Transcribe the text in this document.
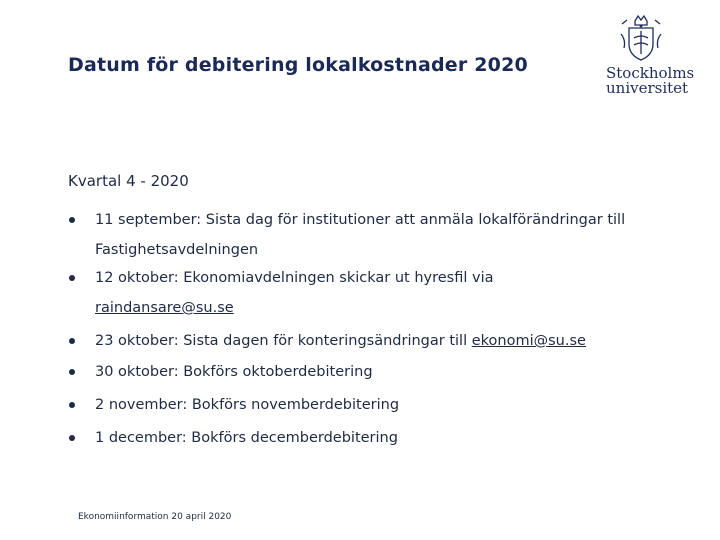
Datum för debitering lokalkostnader 2020	Stockholms
universitet
Kvartal 4 - 2020
11 september: Sista dag för institutioner att anmäla lokalförändringar till Fastighetsavdelningen
12 oktober: Ekonomiavdelningen skickar ut hyresfil via
raindansare@su.se
23 oktober: Sista dagen för konteringsändringar till ekonomi@su.se
30 oktober: Bokförs oktoberdebitering
2 november: Bokförs novemberdebitering
1 december: Bokförs decemberdebitering
Ekonomiinformation 20 april 2020
